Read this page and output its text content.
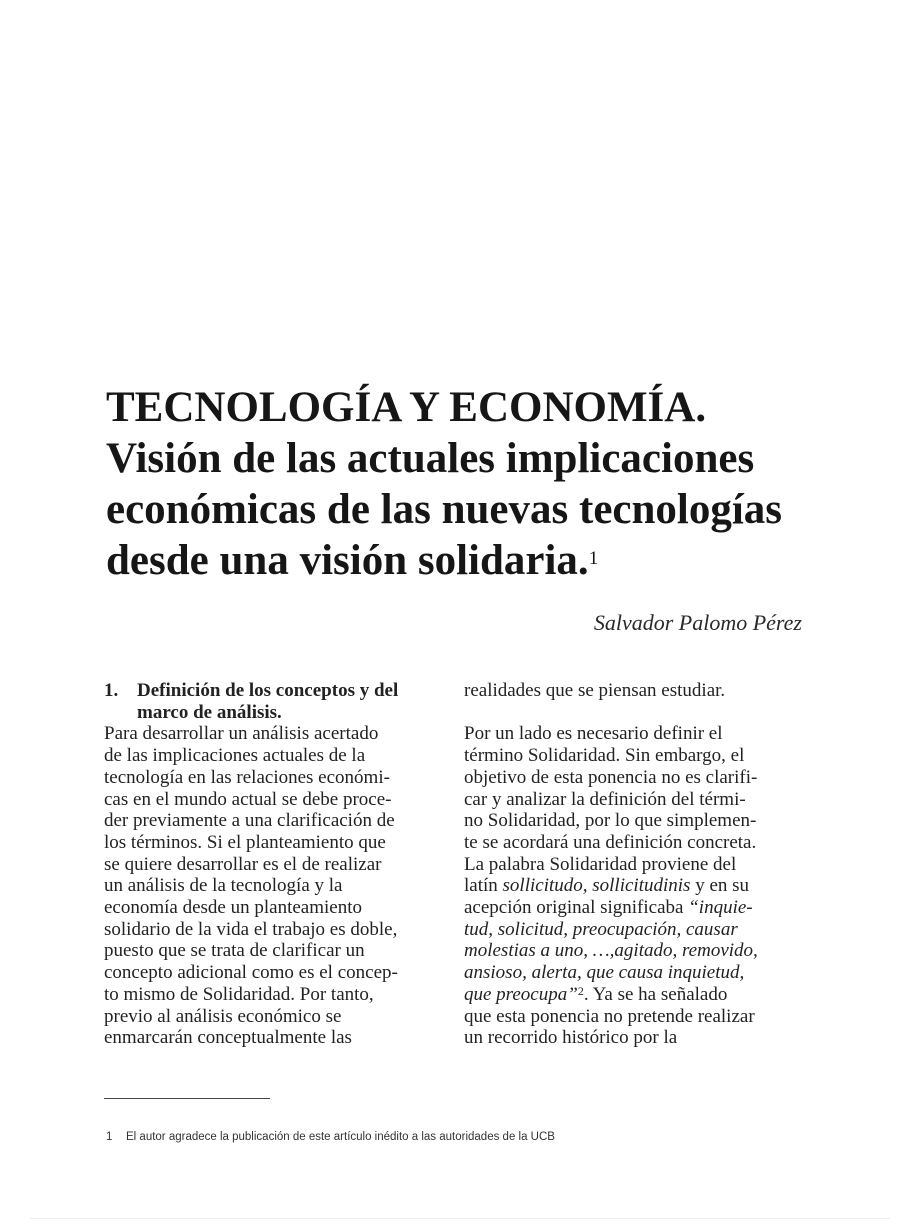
TECNOLOGÍA Y ECONOMÍA.
Visión de las actuales implicaciones
económicas de las nuevas tecnologías
desde una visión solidaria.$^1$
Salvador Palomo Pérez
1. Definición de los conceptos y del
marco de análisis.
Para desarrollar un análisis acertado
de las implicaciones actuales de la
tecnología en las relaciones económi-
cas en el mundo actual se debe proce-
der previamente a una clarificación de
los términos. Si el planteamiento que
se quiere desarrollar es el de realizar
un análisis de la tecnología y la
economía desde un planteamiento
solidario de la vida el trabajo es doble,
puesto que se trata de clarificar un
concepto adicional como es el concep-
to mismo de Solidaridad. Por tanto,
previo al análisis económico se
enmarcarán conceptualmente las
realidades que se piensan estudiar.
Por un lado es necesario definir el
término Solidaridad. Sin embargo, el
objetivo de esta ponencia no es clarifi-
car y analizar la definición del térmi-
no Solidaridad, por lo que simplemen-
te se acordará una definición concreta.
La palabra Solidaridad proviene del
latín sollicitudo, sollicitudinis y en su
acepción original significaba “inquie-
tud, solicitud, preocupación, causar
molestias a uno, …,agitado, removido,
ansioso, alerta, que causa inquietud,
que preocupa”$^2$. Ya se ha señalado
que esta ponencia no pretende realizar
un recorrido histórico por la
1 El autor agradece la publicación de este artículo inédito a las autoridades de la UCB
